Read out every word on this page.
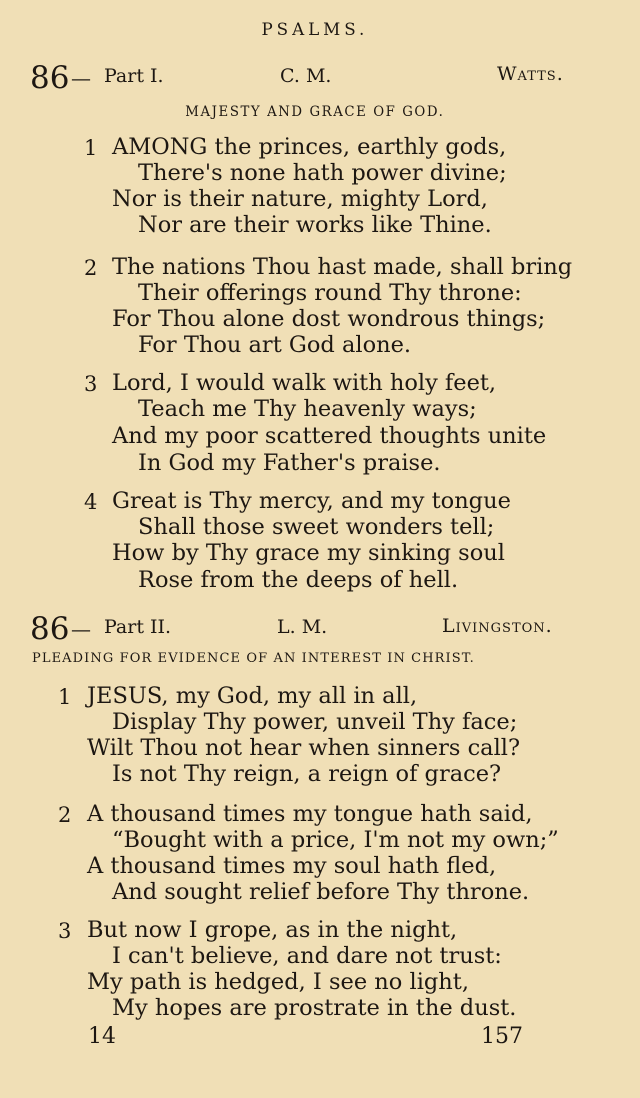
PSALMS.
86 — Part I.	C. M.	Watts.
MAJESTY AND GRACE OF GOD.
1 AMONG the princes, earthly gods,
There's none hath power divine;
Nor is their nature, mighty Lord,
Nor are their works like Thine.
2 The nations Thou hast made, shall bring
Their offerings round Thy throne:
For Thou alone dost wondrous things;
For Thou art God alone.
3 Lord, I would walk with holy feet,
Teach me Thy heavenly ways;
And my poor scattered thoughts unite
In God my Father's praise.
4 Great is Thy mercy, and my tongue
Shall those sweet wonders tell;
How by Thy grace my sinking soul
Rose from the deeps of hell.
86 — Part II.	L. M.	Livingston.
PLEADING FOR EVIDENCE OF AN INTEREST IN CHRIST.
1 JESUS, my God, my all in all,
Display Thy power, unveil Thy face;
Wilt Thou not hear when sinners call?
Is not Thy reign, a reign of grace?
2 A thousand times my tongue hath said,
“Bought with a price, I'm not my own;”
A thousand times my soul hath fled,
And sought relief before Thy throne.
3 But now I grope, as in the night,
I can't believe, and dare not trust:
My path is hedged, I see no light,
My hopes are prostrate in the dust.
14	157
